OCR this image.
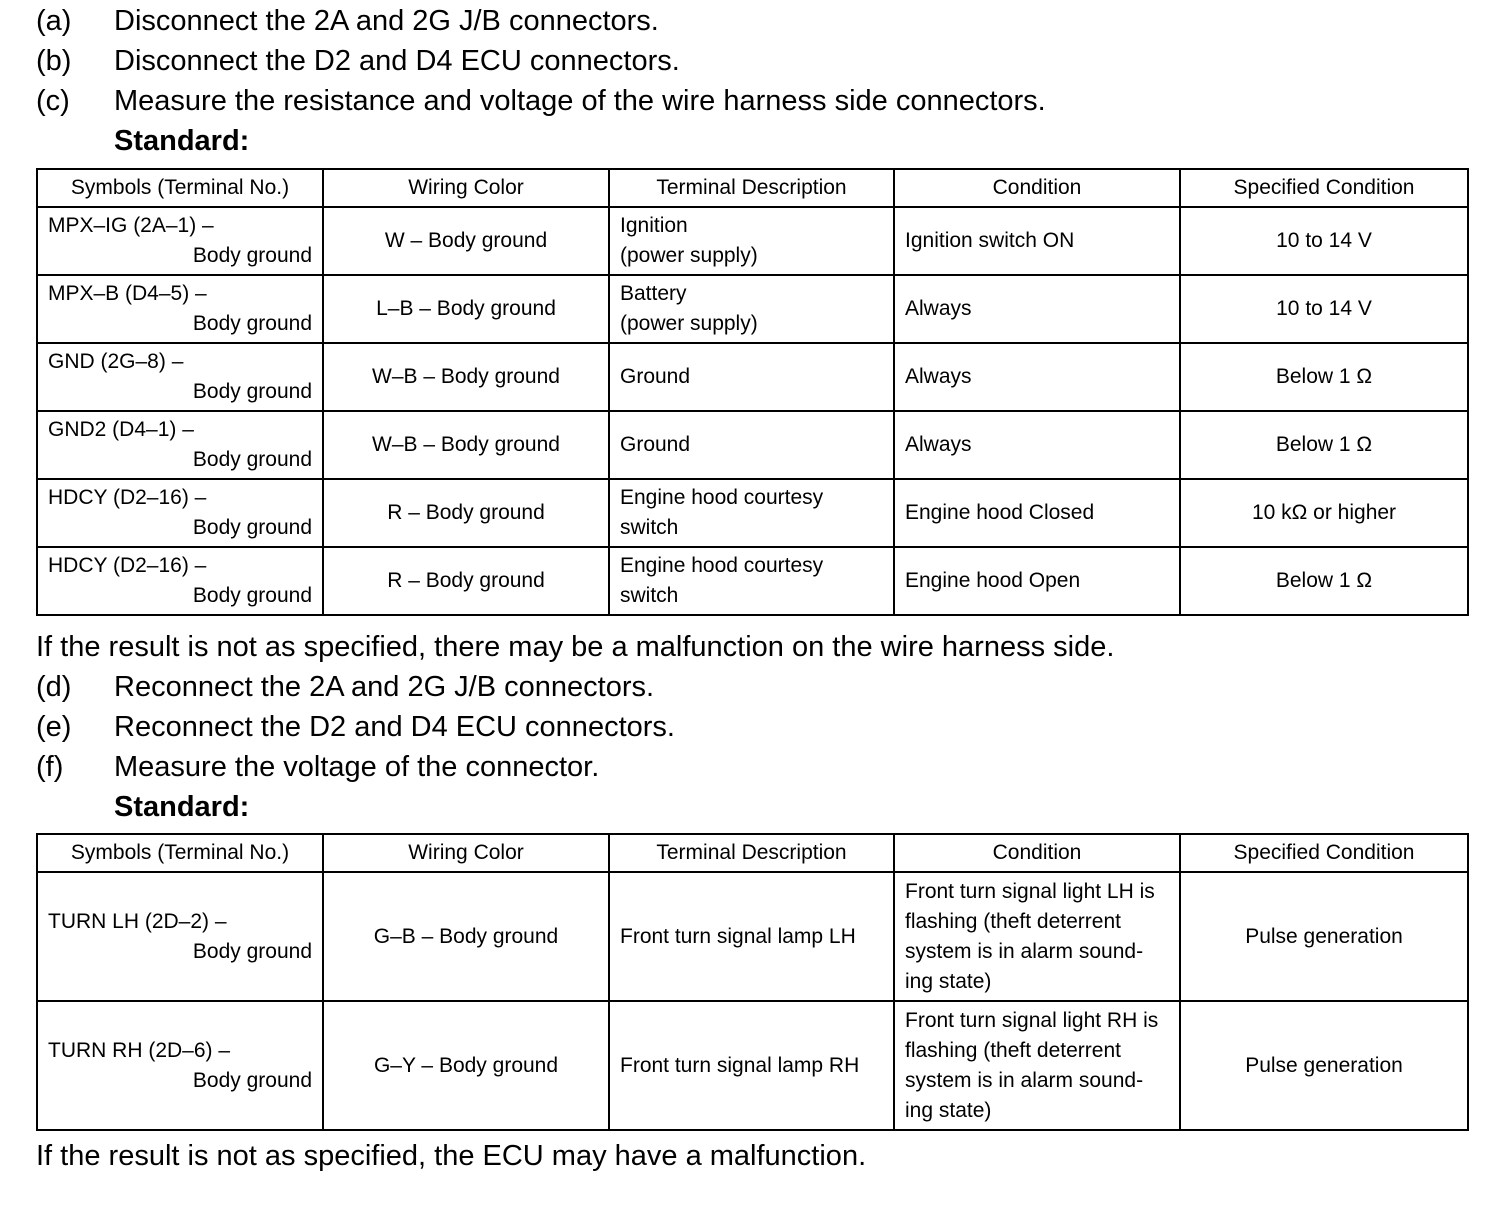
(a)	Disconnect the 2A and 2G J/B connectors.
(b)	Disconnect the D2 and D4 ECU connectors.
(c)	Measure the resistance and voltage of the wire harness side connectors.
Standard:
Symbols (Terminal No.)	Wiring Color	Terminal Description	Condition	Specified Condition

MPX–IG (2A–1) –
Body ground	W – Body ground	Ignition
(power supply)	Ignition switch ON	10 to 14 V

MPX–B (D4–5) –
Body ground	L–B – Body ground	Battery
(power supply)	Always	10 to 14 V

GND (2G–8) –
Body ground	W–B – Body ground	Ground	Always	Below 1 Ω

GND2 (D4–1) –
Body ground	W–B – Body ground	Ground	Always	Below 1 Ω

HDCY (D2–16) –
Body ground	R – Body ground	Engine hood courtesy
switch	Engine hood Closed	10 kΩ or higher

HDCY (D2–16) –
Body ground	R – Body ground	Engine hood courtesy
switch	Engine hood Open	Below 1 Ω
If the result is not as specified, there may be a malfunction on the wire harness side.
(d)	Reconnect the 2A and 2G J/B connectors.
(e)	Reconnect the D2 and D4 ECU connectors.
(f)	Measure the voltage of the connector.
Standard:
Symbols (Terminal No.)	Wiring Color	Terminal Description	Condition	Specified Condition

TURN LH (2D–2) –
Body ground	G–B – Body ground	Front turn signal lamp LH	Front turn signal light LH is
flashing (theft deterrent
system is in alarm sound-
ing state)	Pulse generation

TURN RH (2D–6) –
Body ground	G–Y – Body ground	Front turn signal lamp RH	Front turn signal light RH is
flashing (theft deterrent
system is in alarm sound-
ing state)	Pulse generation
If the result is not as specified, the ECU may have a malfunction.
